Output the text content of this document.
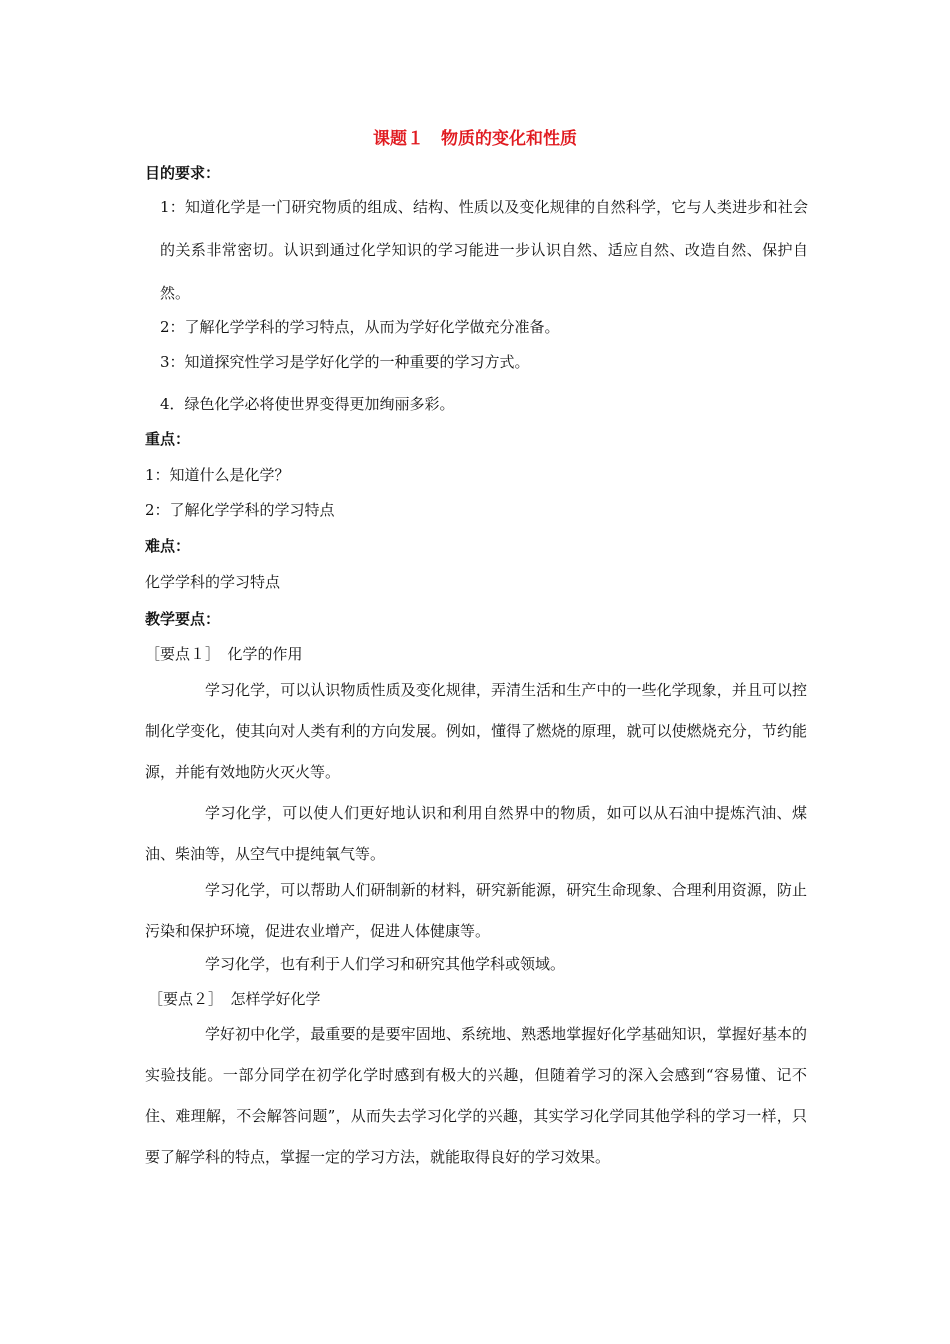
课题１　物质的变化和性质
目的要求：
1：知道化学是一门研究物质的组成、结构、性质以及变化规律的自然科学，它与人类进步和社会的关系非常密切。认识到通过化学知识的学习能进一步认识自然、适应自然、改造自然、保护自然。
2：了解化学学科的学习特点，从而为学好化学做充分准备。
3：知道探究性学习是学好化学的一种重要的学习方式。
4．绿色化学必将使世界变得更加绚丽多彩。
重点：
1：知道什么是化学？
2：了解化学学科的学习特点
难点：
化学学科的学习特点
教学要点：
［要点１］　化学的作用
学习化学，可以认识物质性质及变化规律，弄清生活和生产中的一些化学现象，并且可以控制化学变化，使其向对人类有利的方向发展。例如，懂得了燃烧的原理，就可以使燃烧充分，节约能源，并能有效地防火灭火等。
学习化学，可以使人们更好地认识和利用自然界中的物质，如可以从石油中提炼汽油、煤油、柴油等，从空气中提纯氧气等。
学习化学，可以帮助人们研制新的材料，研究新能源，研究生命现象、合理利用资源，防止污染和保护环境，促进农业增产，促进人体健康等。
学习化学，也有利于人们学习和研究其他学科或领域。
［要点２］　怎样学好化学
学好初中化学，最重要的是要牢固地、系统地、熟悉地掌握好化学基础知识，掌握好基本的实验技能。一部分同学在初学化学时感到有极大的兴趣，但随着学习的深入会感到“容易懂、记不住、难理解，不会解答问题”，从而失去学习化学的兴趣，其实学习化学同其他学科的学习一样，只要了解学科的特点，掌握一定的学习方法，就能取得良好的学习效果。
